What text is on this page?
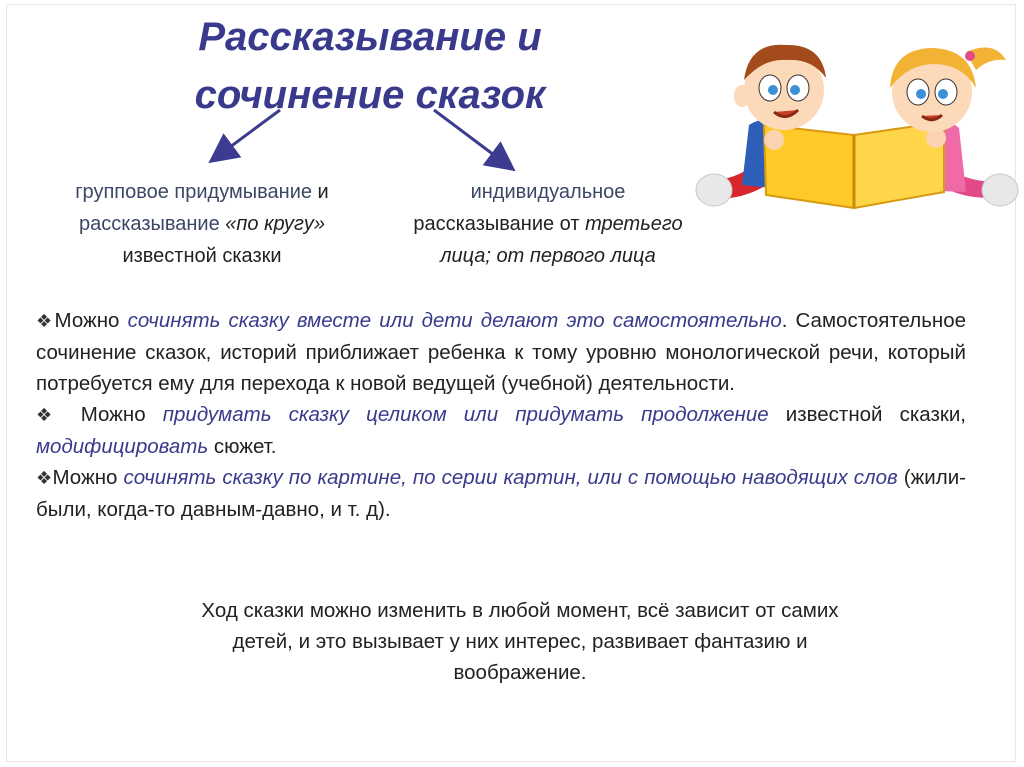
Рассказывание и
сочинение сказок
групповое придумывание и
рассказывание «по кругу»
известной сказки
индивидуальное
рассказывание от третьего
лица; от первого лица

❖Можно сочинять сказку вместе или дети делают это самостоятельно. Самостоятельное сочинение сказок, историй приближает ребенка к тому уровню монологической речи, который потребуется ему для перехода к новой ведущей (учебной) деятельности.

❖ Можно придумать сказку целиком или придумать продолжение известной сказки, модифицировать сюжет.

❖Можно сочинять сказку по картине, по серии картин, или с помощью наводящих слов (жили-были, когда-то давным-давно, и т. д).

Ход сказки можно изменить в любой момент, всё зависит от самих
детей, и это вызывает у них интерес, развивает фантазию и
воображение.
